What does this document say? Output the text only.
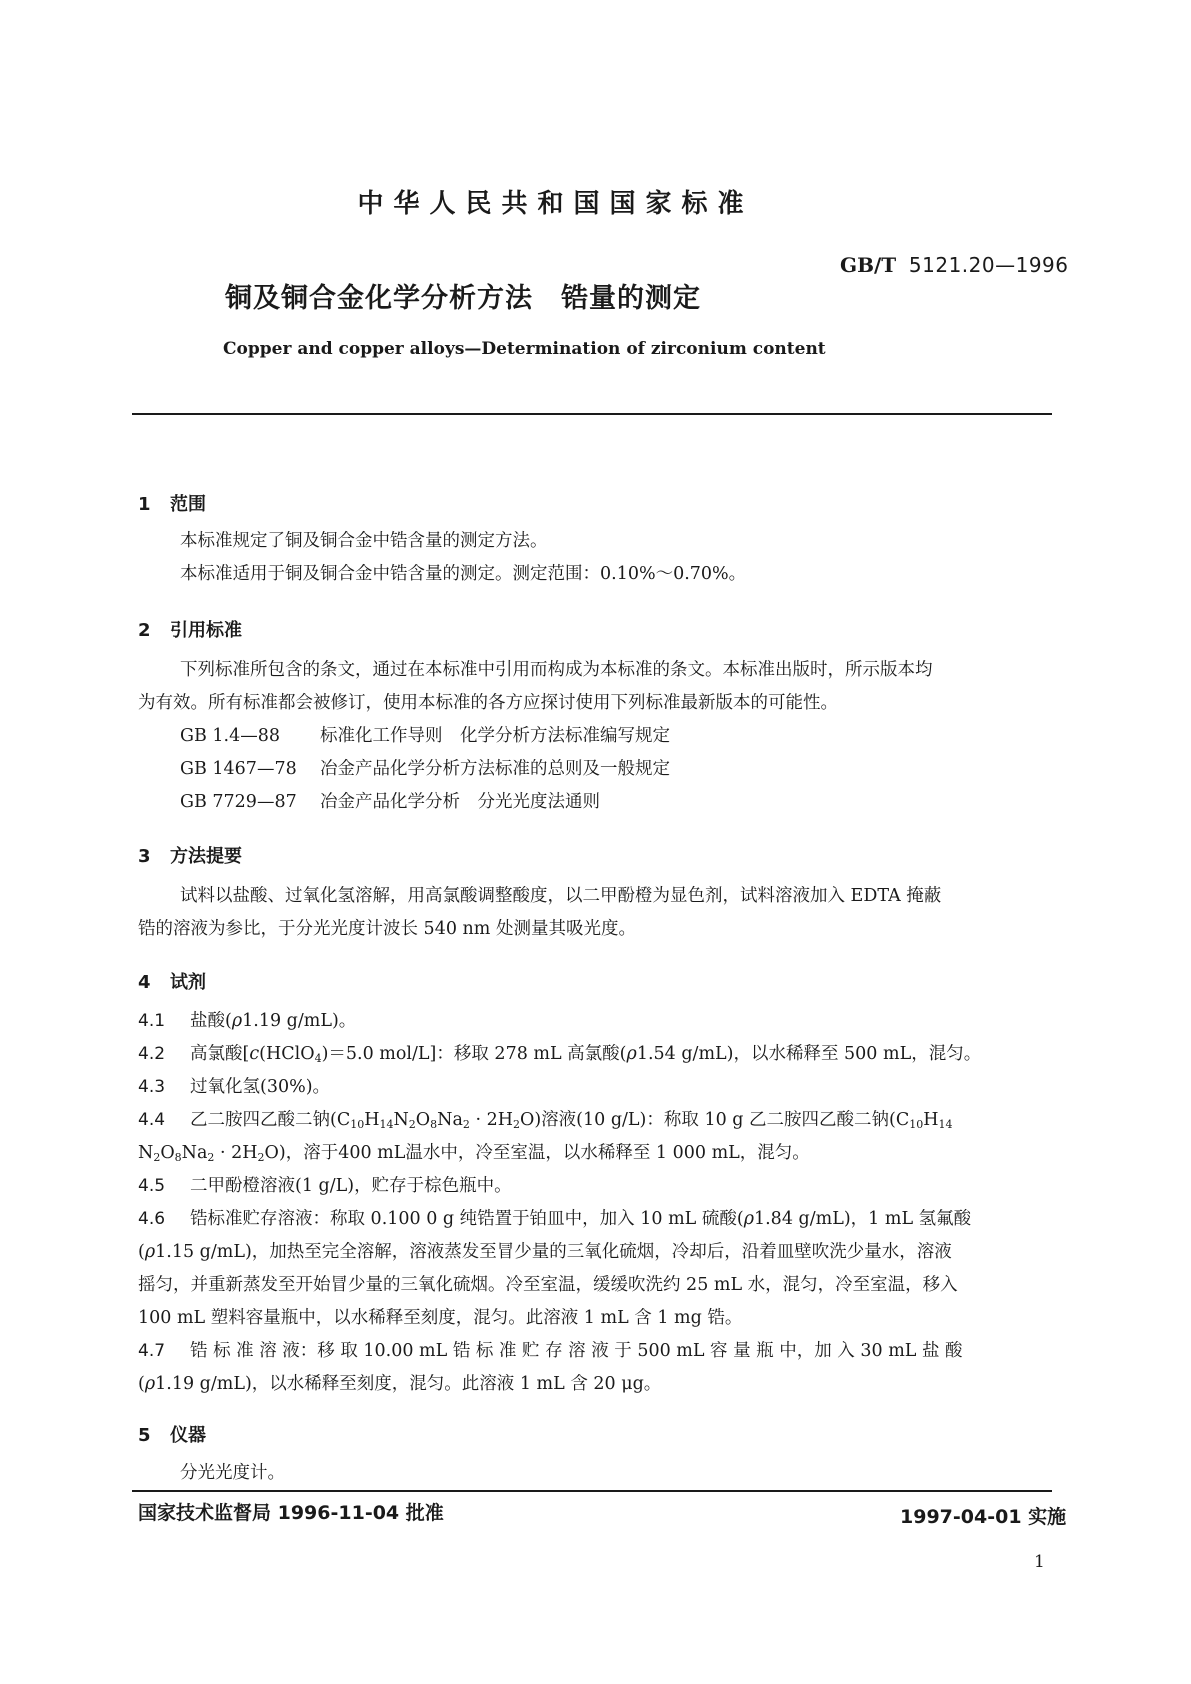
中华人民共和国国家标准
GB/T 5121.20—1996
铜及铜合金化学分析方法　锆量的测定
Copper and copper alloys—Determination of zirconium content
1 范围
本标准规定了铜及铜合金中锆含量的测定方法。
本标准适用于铜及铜合金中锆含量的测定。测定范围：0.10%～0.70%。
2 引用标准
下列标准所包含的条文，通过在本标准中引用而构成为本标准的条文。本标准出版时，所示版本均
为有效。所有标准都会被修订，使用本标准的各方应探讨使用下列标准最新版本的可能性。
GB 1.4—88 标准化工作导则　化学分析方法标准编写规定
GB 1467—78 冶金产品化学分析方法标准的总则及一般规定
GB 7729—87 冶金产品化学分析　分光光度法通则
3 方法提要
试料以盐酸、过氧化氢溶解，用高氯酸调整酸度，以二甲酚橙为显色剂，试料溶液加入 EDTA 掩蔽
锆的溶液为参比，于分光光度计波长 540 nm 处测量其吸光度。
4 试剂
4.1 盐酸(ρ1.19 g/mL)。
4.2 高氯酸[c(HClO$_4$)＝5.0 mol/L]：移取 278 mL 高氯酸(ρ1.54 g/mL)，以水稀释至 500 mL，混匀。
4.3 过氧化氢(30%)。
4.4 乙二胺四乙酸二钠$(C_{10}H_{14}N_2O_8Na_2 \cdot 2H_2O)$溶液(10 g/L)：称取 10 g 乙二胺四乙酸二钠($C_{10}H_{14}$
$N_2O_8Na_2 \cdot 2H_2O$)，溶于400 mL温水中，冷至室温，以水稀释至 1 000 mL，混匀。
4.5 二甲酚橙溶液(1 g/L)，贮存于棕色瓶中。
4.6 锆标准贮存溶液：称取 0.100 0 g 纯锆置于铂皿中，加入 10 mL 硫酸(ρ1.84 g/mL)，1 mL 氢氟酸
(ρ1.15 g/mL)，加热至完全溶解，溶液蒸发至冒少量的三氧化硫烟，冷却后，沿着皿壁吹洗少量水，溶液
摇匀，并重新蒸发至开始冒少量的三氧化硫烟。冷至室温，缓缓吹洗约 25 mL 水，混匀，冷至室温，移入
100 mL 塑料容量瓶中，以水稀释至刻度，混匀。此溶液 1 mL 含 1 mg 锆。
4.7 锆 标 准 溶 液：移 取 10.00 mL 锆 标 准 贮 存 溶 液 于 500 mL 容 量 瓶 中，加 入 30 mL 盐 酸
(ρ1.19 g/mL)，以水稀释至刻度，混匀。此溶液 1 mL 含 20 μg。
5 仪器
分光光度计。
国家技术监督局 1996-11-04 批准	1997-04-01 实施
1
